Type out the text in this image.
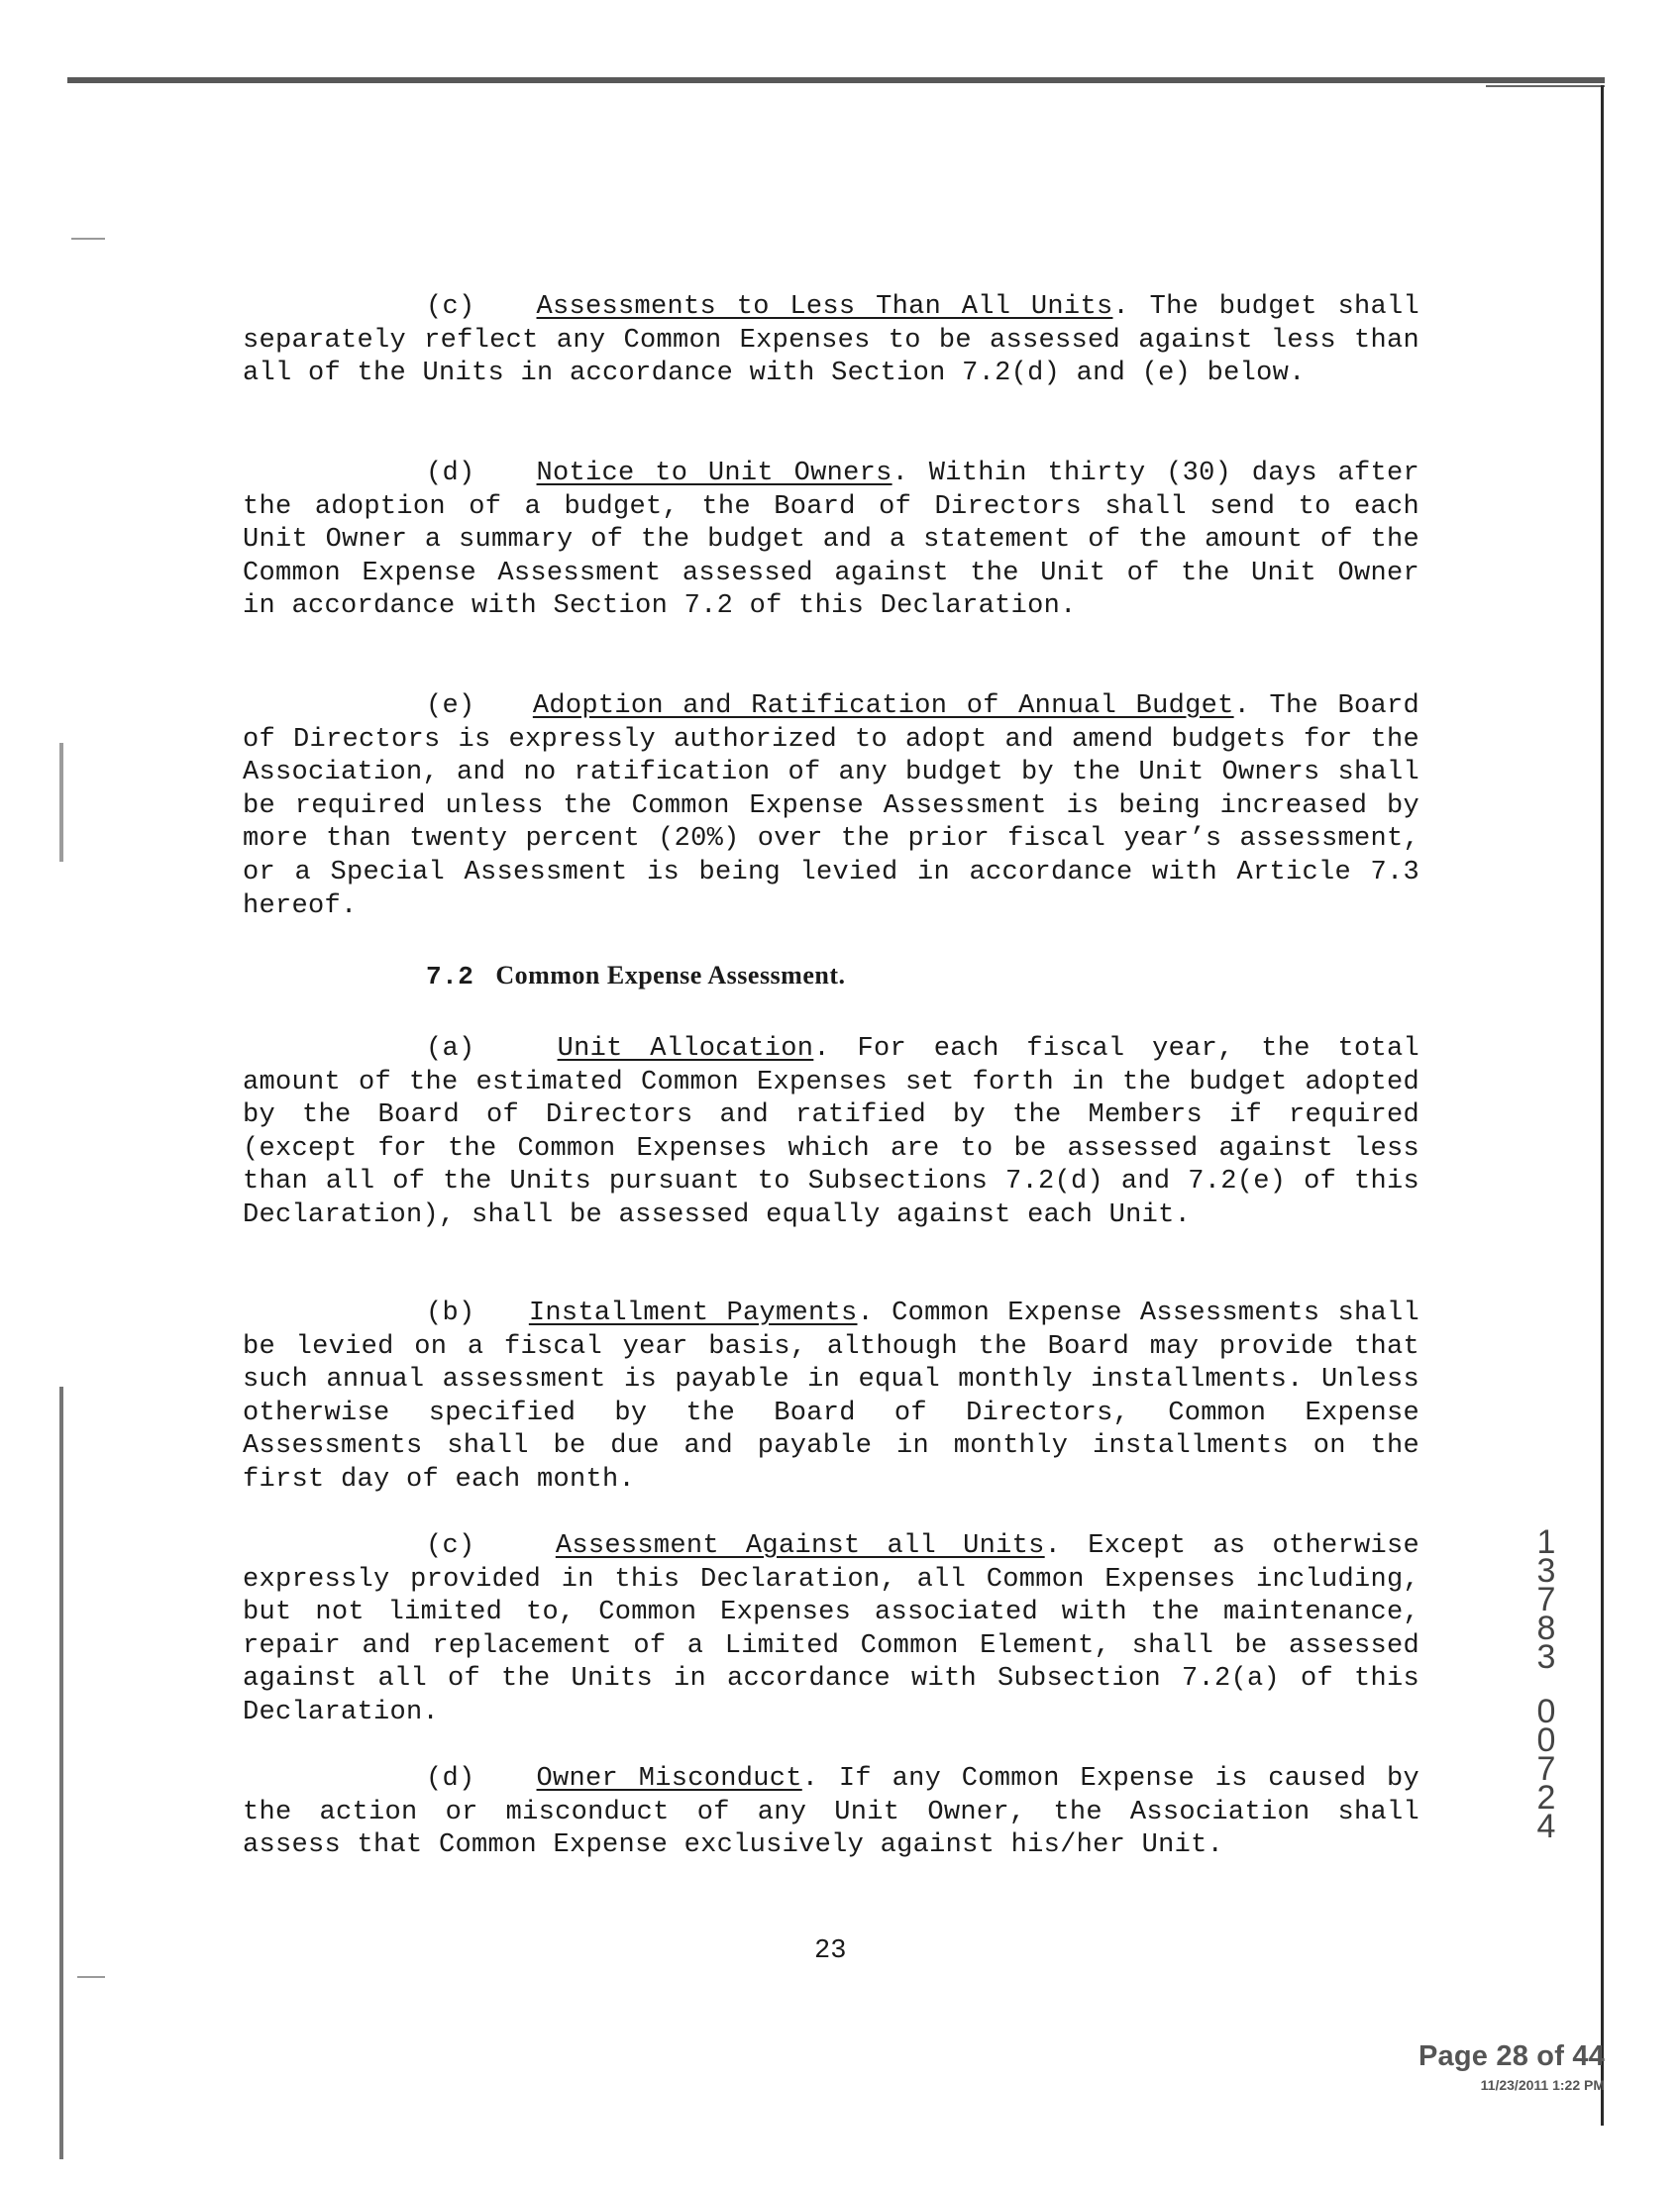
(c) Assessments to Less Than All Units. The budget shall separately reflect any Common Expenses to be assessed against less than all of the Units in accordance with Section 7.2(d) and (e) below.
(d) Notice to Unit Owners. Within thirty (30) days after the adoption of a budget, the Board of Directors shall send to each Unit Owner a summary of the budget and a statement of the amount of the Common Expense Assessment assessed against the Unit of the Unit Owner in accordance with Section 7.2 of this Declaration.
(e) Adoption and Ratification of Annual Budget. The Board of Directors is expressly authorized to adopt and amend budgets for the Association, and no ratification of any budget by the Unit Owners shall be required unless the Common Expense Assessment is being increased by more than twenty percent (20%) over the prior fiscal year’s assessment, or a Special Assessment is being levied in accordance with Article 7.3 hereof.
7.2 Common Expense Assessment.
(a)	Unit Allocation. For each fiscal year, the total amount of the estimated Common Expenses set forth in the budget adopted by the Board of Directors and ratified by the Members if required (except for the Common Expenses which are to be assessed against less than all of the Units pursuant to Subsections 7.2(d) and 7.2(e) of this Declaration), shall be assessed equally against each Unit.
(b) Installment Payments. Common Expense Assessments shall be levied on a fiscal year basis, although the Board may provide that such annual assessment is payable in equal monthly installments. Unless otherwise specified by the Board of Directors, Common Expense Assessments shall be due and payable in monthly installments on the first day of each month.
(c)	Assessment Against all Units. Except as otherwise expressly provided in this Declaration, all Common Expenses including, but not limited to, Common Expenses associated with the maintenance, repair and replacement of a Limited Common Element, shall be assessed against all of the Units in accordance with Subsection 7.2(a) of this Declaration.
(d) Owner Misconduct. If any Common Expense is caused by the action or misconduct of any Unit Owner, the Association shall assess that Common Expense exclusively against his/her Unit.
23
1
3
7
8
3
0
0
7
2
4
Page 28 of 44
11/23/2011 1:22 PM
